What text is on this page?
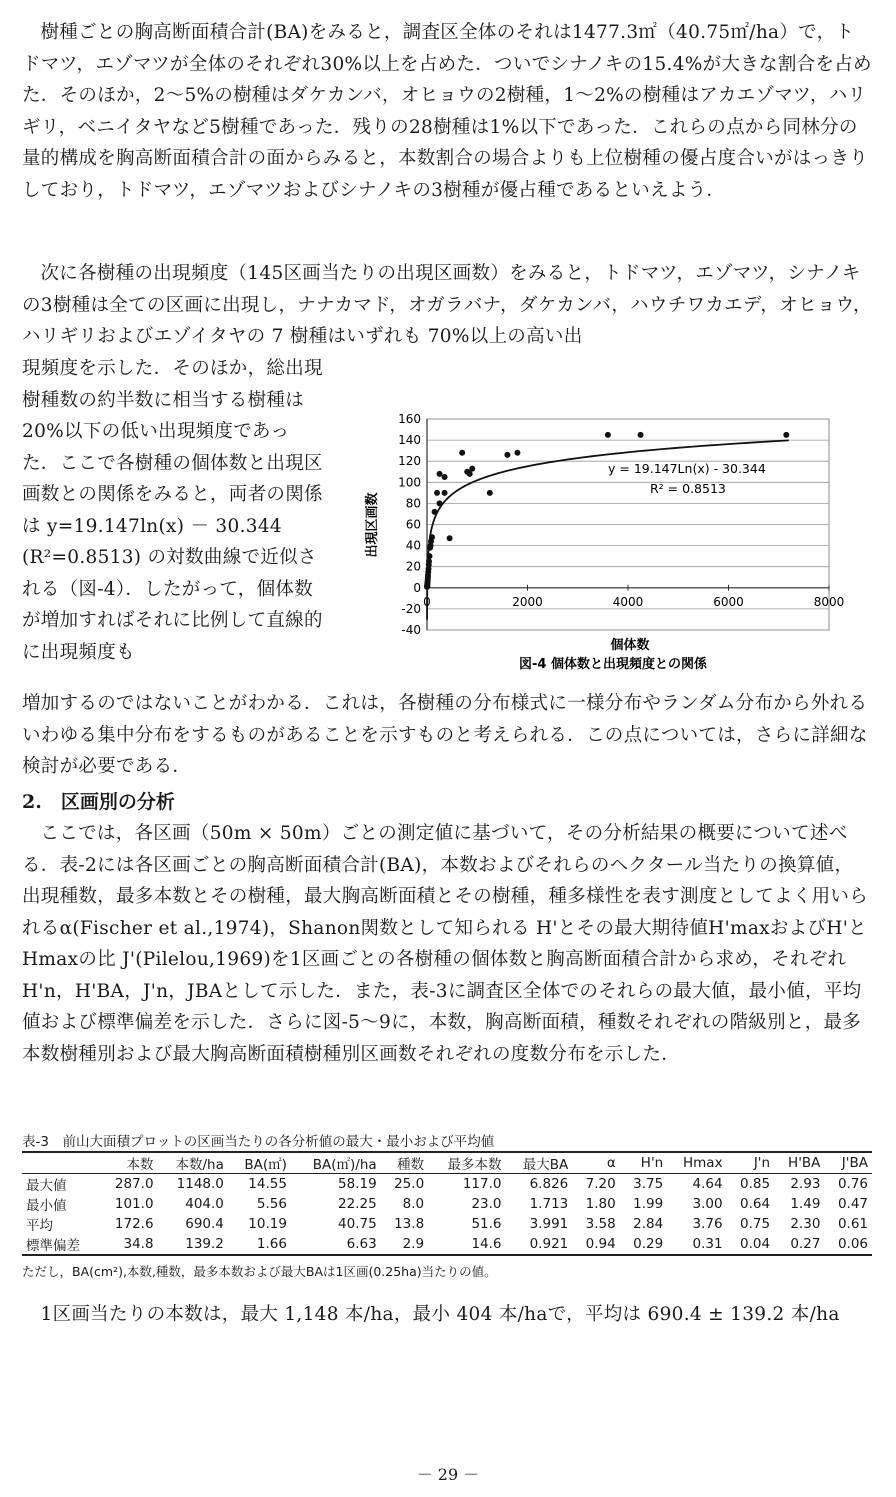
樹種ごとの胸高断面積合計(BA)をみると，調査区全体のそれは1477.3㎡（40.75㎡/ha）で，トドマツ，エゾマツが全体のそれぞれ30%以上を占めた．ついでシナノキの15.4%が大きな割合を占めた．そのほか，2～5%の樹種はダケカンバ，オヒョウの2樹種，1～2%の樹種はアカエゾマツ，ハリギリ，ベニイタヤなど5樹種であった．残りの28樹種は1%以下であった．これらの点から同林分の量的構成を胸高断面積合計の面からみると，本数割合の場合よりも上位樹種の優占度合いがはっきりしており，トドマツ，エゾマツおよびシナノキの3樹種が優占種であるといえよう．

次に各樹種の出現頻度（145区画当たりの出現区画数）をみると，トドマツ，エゾマツ，シナノキの3樹種は全ての区画に出現し，ナナカマド，オガラバナ，ダケカンバ，ハウチワカエデ，オヒョウ，ハリギリおよびエゾイタヤの 7 樹種はいずれも 70%以上の高い出

現頻度を示した．そのほか，総出現樹種数の約半数に相当する樹種は 20%以下の低い出現頻度であった．ここで各樹種の個体数と出現区画数との関係をみると，両者の関係は y=19.147ln(x) － 30.344 (R²=0.8513) の対数曲線で近似される（図-4）．したがって，個体数が増加すればそれに比例して直線的に出現頻度も

-40
-20
0
20
40
60
80
100
120
140
160
0	2000	4000	6000	8000
y = 19.147Ln(x) - 30.344
R² = 0.8513
個体数
図-4 個体数と出現頻度との関係
出現区画数

増加するのではないことがわかる．これは，各樹種の分布様式に一様分布やランダム分布から外れるいわゆる集中分布をするものがあることを示すものと考えられる．この点については，さらに詳細な検討が必要である．

2.　区画別の分析

ここでは，各区画（50m × 50m）ごとの測定値に基づいて，その分析結果の概要について述べる．表-2には各区画ごとの胸高断面積合計(BA)，本数およびそれらのヘクタール当たりの換算値，出現種数，最多本数とその樹種，最大胸高断面積とその樹種，種多様性を表す測度としてよく用いられるα(Fischer et al.,1974)，Shanon関数として知られる H'とその最大期待値H'maxおよびH'とHmaxの比 J'(Pilelou,1969)を1区画ごとの各樹種の個体数と胸高断面積合計から求め，それぞれH'n，H'BA，J'n，JBAとして示した．また，表-3に調査区全体でのそれらの最大値，最小値，平均値および標準偏差を示した．さらに図-5～9に，本数，胸高断面積，種数それぞれの階級別と，最多本数樹種別および最大胸高断面積樹種別区画数それぞれの度数分布を示した．

表-3　前山大面積プロットの区画当たりの各分析値の最大・最小および平均値

	本数	本数/ha	BA(㎡)	BA(㎡)/ha	種数	最多本数	最大BA	α	H'n	Hmax	J'n	H'BA	J'BA
最大値	287.0	1148.0	14.55	58.19	25.0	117.0	6.826	7.20	3.75	4.64	0.85	2.93	0.76
最小値	101.0	404.0	5.56	22.25	8.0	23.0	1.713	1.80	1.99	3.00	0.64	1.49	0.47
平均	172.6	690.4	10.19	40.75	13.8	51.6	3.991	3.58	2.84	3.76	0.75	2.30	0.61
標準偏差	34.8	139.2	1.66	6.63	2.9	14.6	0.921	0.94	0.29	0.31	0.04	0.27	0.06

ただし，BA(cm²),本数,種数，最多本数および最大BAは1区画(0.25ha)当たりの値。

1区画当たりの本数は，最大 1,148 本/ha，最小 404 本/haで，平均は 690.4 ± 139.2 本/ha

－ 29 －
